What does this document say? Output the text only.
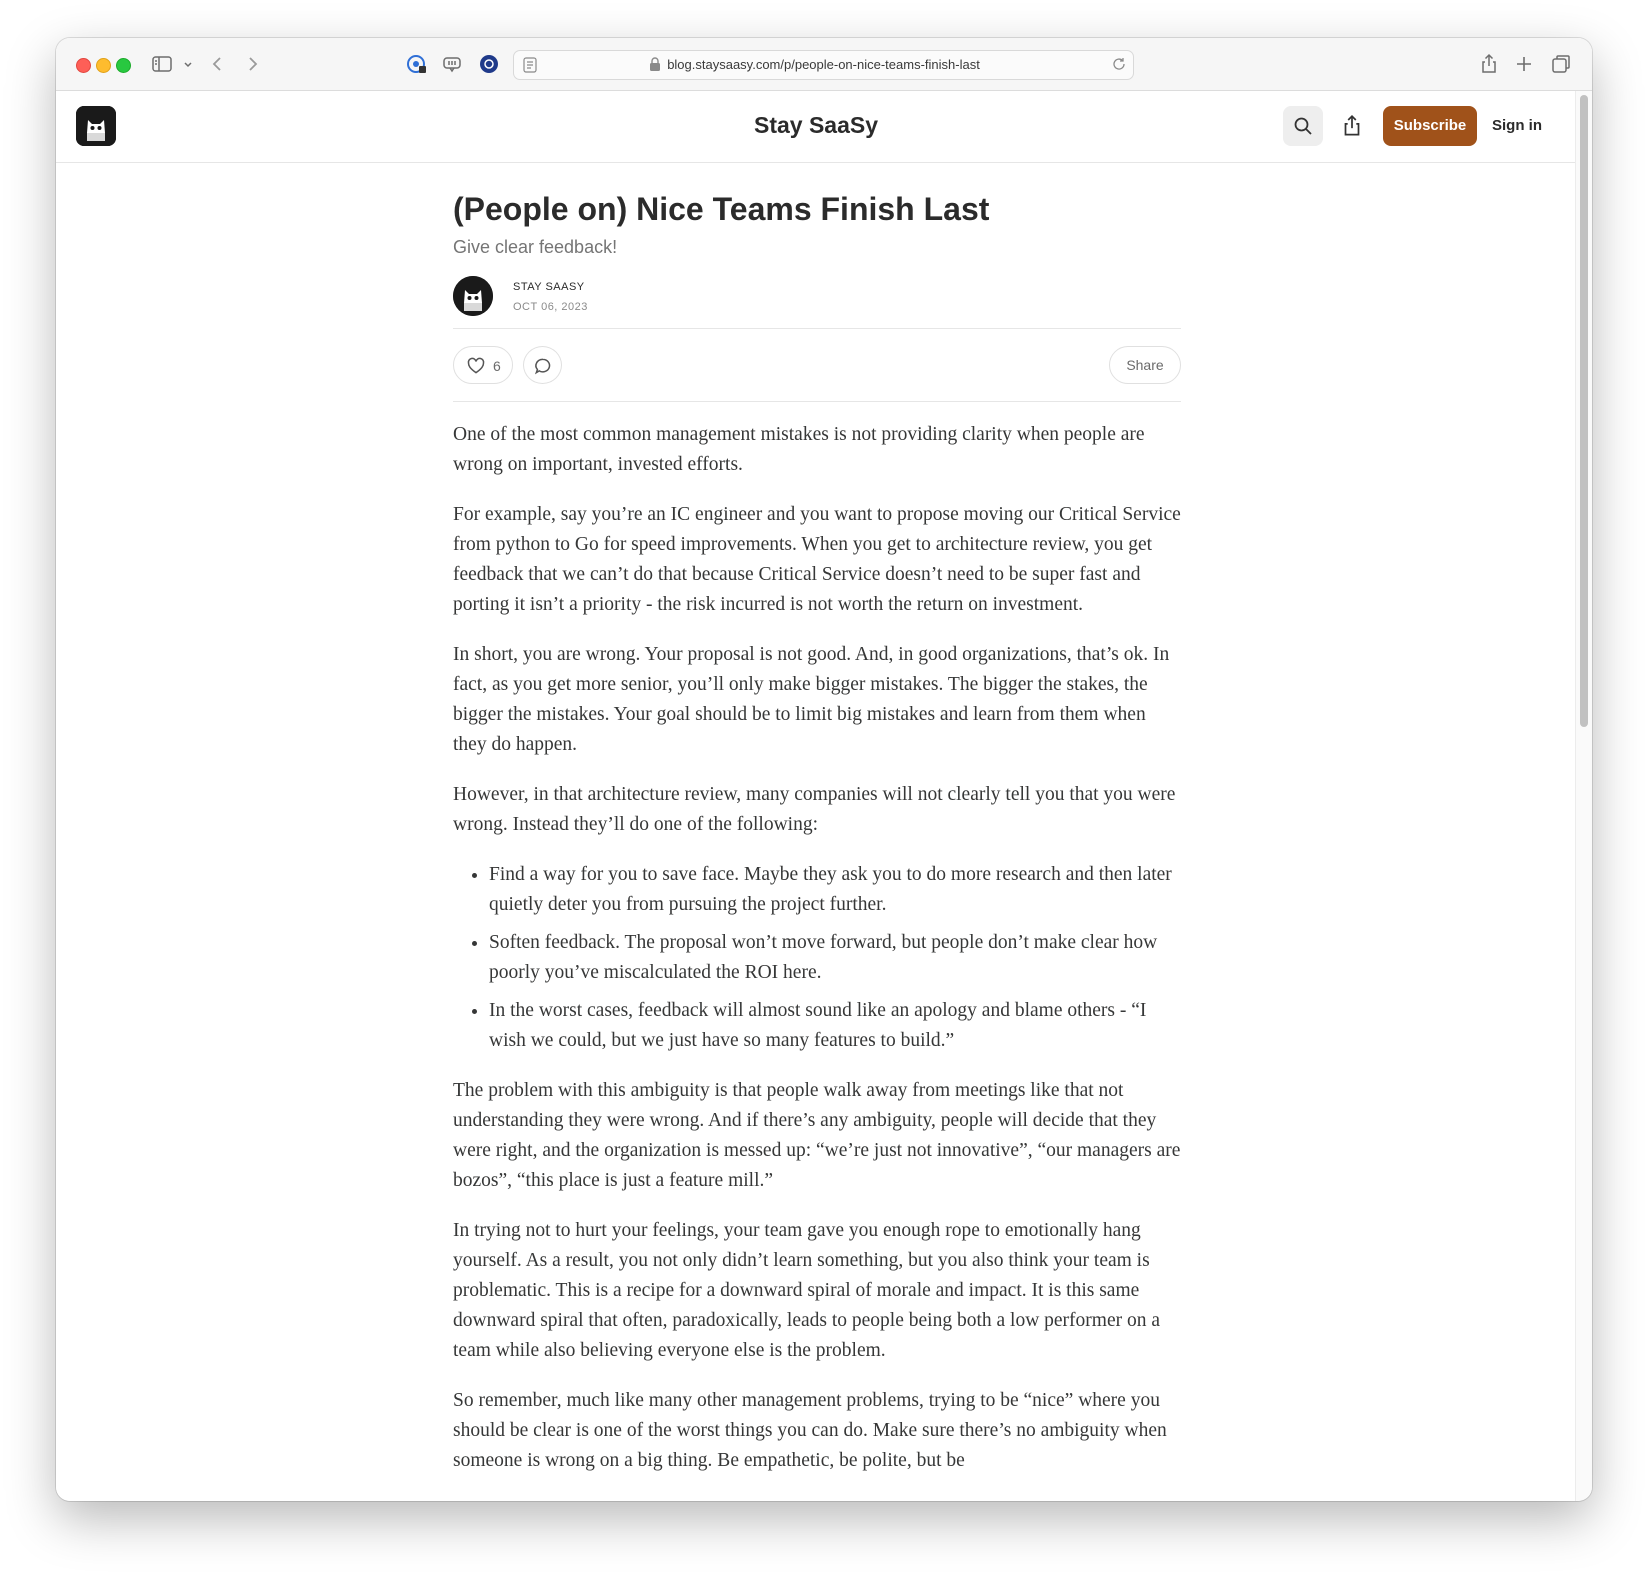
blog.staysaasy.com/p/people-on-nice-teams-finish-last
Stay SaaSy	Subscribe	Sign in
(People on) Nice Teams Finish Last
Give clear feedback!
STAY SAASY
OCT 06, 2023
6	Share

One of the most common management mistakes is not providing clarity when people are wrong on important, invested efforts.

For example, say you’re an IC engineer and you want to propose moving our Critical Service from python to Go for speed improvements. When you get to architecture review, you get feedback that we can’t do that because Critical Service doesn’t need to be super fast and porting it isn’t a priority - the risk incurred is not worth the return on investment.

In short, you are wrong. Your proposal is not good. And, in good organizations, that’s ok. In fact, as you get more senior, you’ll only make bigger mistakes. The bigger the stakes, the bigger the mistakes. Your goal should be to limit big mistakes and learn from them when they do happen.

However, in that architecture review, many companies will not clearly tell you that you were wrong. Instead they’ll do one of the following:

• Find a way for you to save face. Maybe they ask you to do more research and then later quietly deter you from pursuing the project further.
• Soften feedback. The proposal won’t move forward, but people don’t make clear how poorly you’ve miscalculated the ROI here.
• In the worst cases, feedback will almost sound like an apology and blame others - “I wish we could, but we just have so many features to build.”

The problem with this ambiguity is that people walk away from meetings like that not understanding they were wrong. And if there’s any ambiguity, people will decide that they were right, and the organization is messed up: “we’re just not innovative”, “our managers are bozos”, “this place is just a feature mill.”

In trying not to hurt your feelings, your team gave you enough rope to emotionally hang yourself. As a result, you not only didn’t learn something, but you also think your team is problematic. This is a recipe for a downward spiral of morale and impact. It is this same downward spiral that often, paradoxically, leads to people being both a low performer on a team while also believing everyone else is the problem.

So remember, much like many other management problems, trying to be “nice” where you should be clear is one of the worst things you can do. Make sure there’s no ambiguity when someone is wrong on a big thing. Be empathetic, be polite, but be
